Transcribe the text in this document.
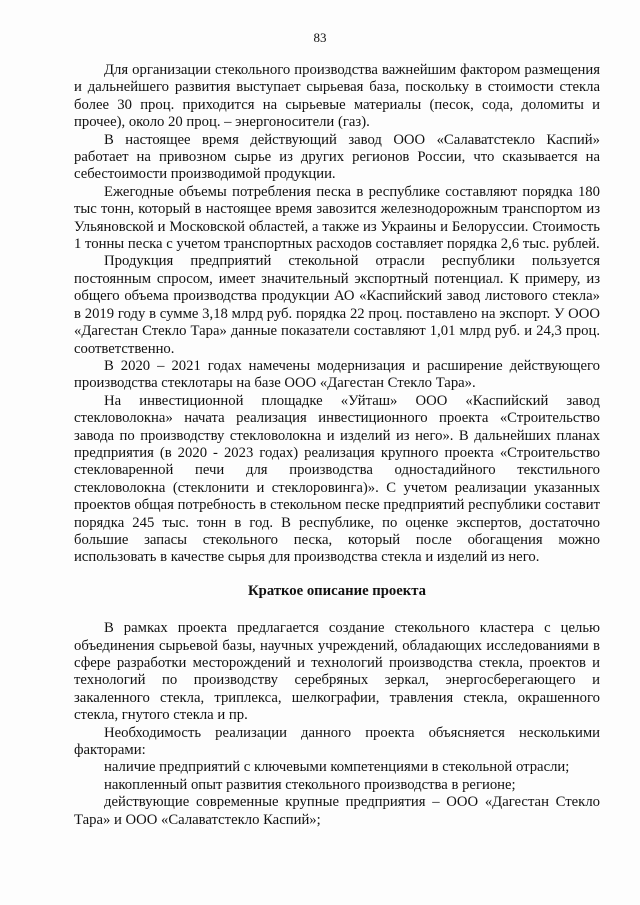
83

Для организации стекольного производства важнейшим фактором размещения и дальнейшего развития выступает сырьевая база, поскольку в стоимости стекла более 30 проц. приходится на сырьевые материалы (песок, сода, доломиты и прочее), около 20 проц. – энергоносители (газ).

В настоящее время действующий завод ООО «Салаватстекло Каспий» работает на привозном сырье из других регионов России, что сказывается на себестоимости производимой продукции.

Ежегодные объемы потребления песка в республике составляют порядка 180 тыс тонн, который в настоящее время завозится железнодорожным транспортом из Ульяновской и Московской областей, а также из Украины и Белоруссии. Стоимость 1 тонны песка с учетом транспортных расходов составляет порядка 2,6 тыс. рублей.

Продукция предприятий стекольной отрасли республики пользуется постоянным спросом, имеет значительный экспортный потенциал. К примеру, из общего объема производства продукции АО «Каспийский завод листового стекла» в 2019 году в сумме 3,18 млрд руб. порядка 22 проц. поставлено на экспорт. У ООО «Дагестан Стекло Тара» данные показатели составляют 1,01 млрд руб. и 24,3 проц. соответственно.

В 2020 – 2021 годах намечены модернизация и расширение действующего производства стеклотары на базе ООО «Дагестан Стекло Тара».

На инвестиционной площадке «Уйташ» ООО «Каспийский завод стекловолокна» начата реализация инвестиционного проекта «Строительство завода по производству стекловолокна и изделий из него». В дальнейших планах предприятия (в 2020 - 2023 годах) реализация крупного проекта «Строительство стекловаренной печи для производства одностадийного текстильного стекловолокна (стеклонити и стеклоровинга)». С учетом реализации указанных проектов общая потребность в стекольном песке предприятий республики составит порядка 245 тыс. тонн в год. В республике, по оценке экспертов, достаточно большие запасы стекольного песка, который после обогащения можно использовать в качестве сырья для производства стекла и изделий из него.

Краткое описание проекта

В рамках проекта предлагается создание стекольного кластера с целью объединения сырьевой базы, научных учреждений, обладающих исследованиями в сфере разработки месторождений и технологий производства стекла, проектов и технологий по производству серебряных зеркал, энергосберегающего и закаленного стекла, триплекса, шелкографии, травления стекла, окрашенного стекла, гнутого стекла и пр.

Необходимость реализации данного проекта объясняется несколькими факторами:

наличие предприятий с ключевыми компетенциями в стекольной отрасли;

накопленный опыт развития стекольного производства в регионе;

действующие современные крупные предприятия – ООО «Дагестан Стекло Тара» и ООО «Салаватстекло Каспий»;
